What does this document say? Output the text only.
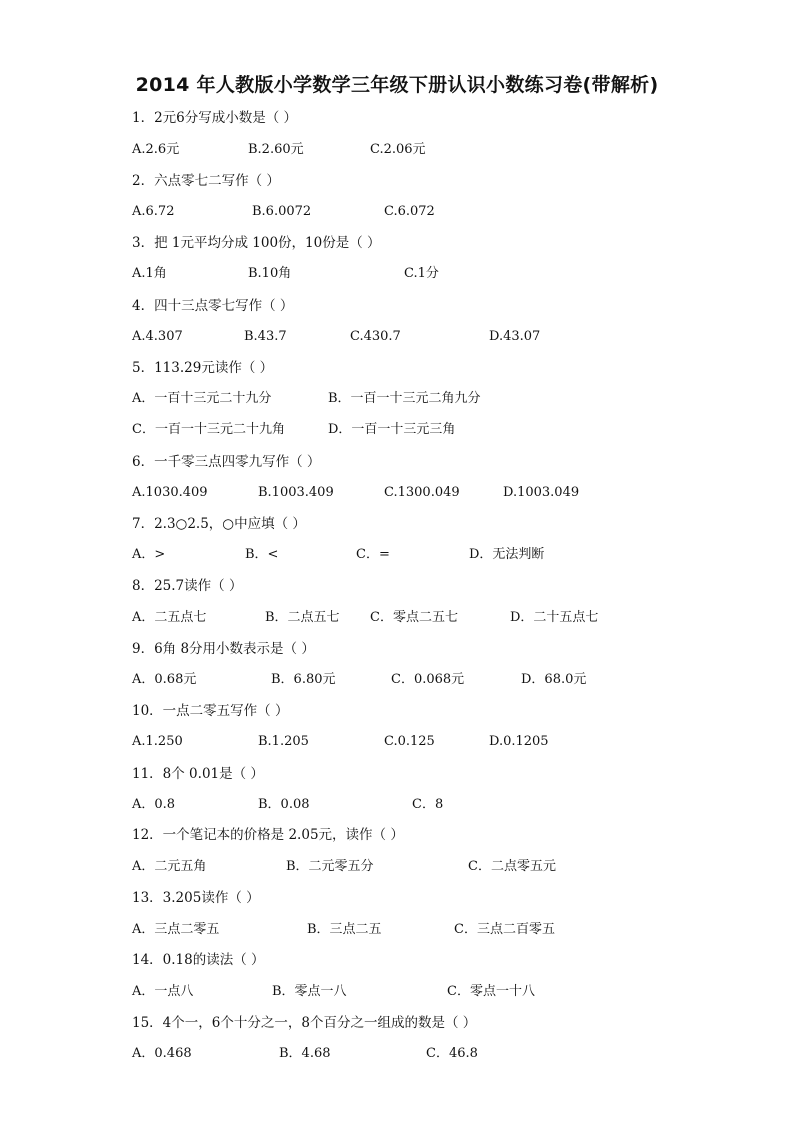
2014 年人教版小学数学三年级下册认识小数练习卷(带解析)
1．2元6分写成小数是（ ）
A.2.6元	B.2.60元	C.2.06元
2．六点零七二写作（ ）
A.6.72	B.6.0072	C.6.072
3．把 1元平均分成 100份，10份是（ ）
A.1角	B.10角	C.1分
4．四十三点零七写作（ ）
A.4.307	B.43.7	C.430.7	D.43.07
5．113.29元读作（ ）
A．一百十三元二十九分	B．一百一十三元二角九分
C．一百一十三元二十九角	D．一百一十三元三角
6．一千零三点四零九写作（ ）
A.1030.409	B.1003.409	C.1300.049	D.1003.049
7．2.3○2.5，○中应填（ ）
A．>	B．<	C．=	D．无法判断
8．25.7读作（ ）
A．二五点七	B．二点五七 C．零点二五七	D．二十五点七
9．6角 8分用小数表示是（ ）
A．0.68元	B．6.80元	C．0.068元	D．68.0元
10．一点二零五写作（ ）
A.1.250	B.1.205	C.0.125	D.0.1205
11．8个 0.01是（ ）
A．0.8	B．0.08	C．8
12．一个笔记本的价格是 2.05元，读作（ ）
A．二元五角	B．二元零五分	C．二点零五元
13．3.205读作（ ）
A．三点二零五	B．三点二五	C．三点二百零五
14．0.18的读法（ ）
A．一点八	B．零点一八	C．零点一十八
15．4个一，6个十分之一，8个百分之一组成的数是（ ）
A．0.468	B．4.68	C．46.8
